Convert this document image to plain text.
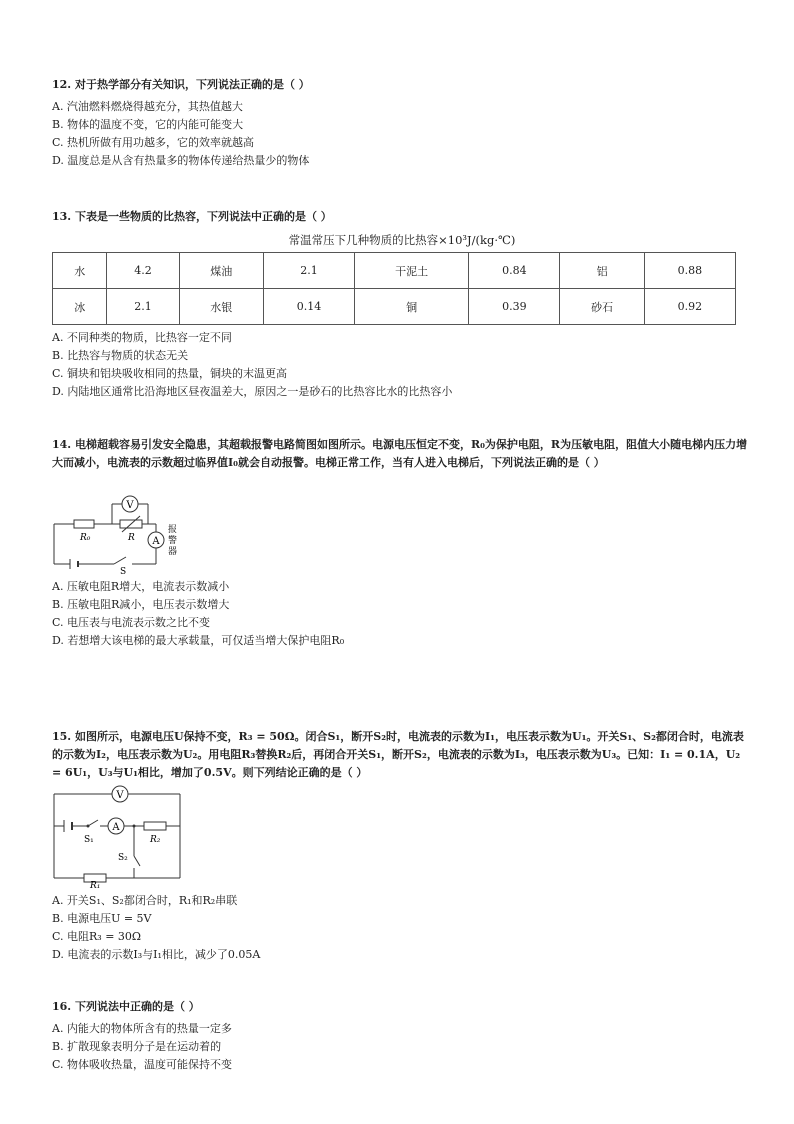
12. 对于热学部分有关知识，下列说法正确的是（ ）

A. 汽油燃料燃烧得越充分，其热值越大

B. 物体的温度不变，它的内能可能变大

C. 热机所做有用功越多，它的效率就越高

D. 温度总是从含有热量多的物体传递给热量少的物体

13. 下表是一些物质的比热容，下列说法中正确的是（ ）

常温常压下几种物质的比热容×10³J/(kg·℃)
水	4.2	煤油	2.1	干泥土	0.84	铝	0.88
冰	2.1	水银	0.14	铜	0.39	砂石	0.92

A. 不同种类的物质，比热容一定不同

B. 比热容与物质的状态无关

C. 铜块和铝块吸收相同的热量，铜块的末温更高

D. 内陆地区通常比沿海地区昼夜温差大，原因之一是砂石的比热容比水的比热容小

14. 电梯超载容易引发安全隐患，其超载报警电路简图如图所示。电源电压恒定不变，R₀为保护电阻，R为压敏电阻，阻值大小随电梯内压力增大而减小，电流表的示数超过临界值I₀就会自动报警。电梯正常工作，当有人进入电梯后，下列说法正确的是（ ）

V
A
R₀	R
S
报
警
器

A. 压敏电阻R增大，电流表示数减小

B. 压敏电阻R减小，电压表示数增大

C. 电压表与电流表示数之比不变

D. 若想增大该电梯的最大承载量，可仅适当增大保护电阻R₀

15. 如图所示，电源电压U保持不变，R₃ = 50Ω。闭合S₁，断开S₂时，电流表的示数为I₁，电压表示数为U₁。开关S₁、S₂都闭合时，电流表的示数为I₂，电压表示数为U₂。用电阻R₃替换R₂后，再闭合开关S₁，断开S₂，电流表的示数为I₃，电压表示数为U₃。已知：I₁ = 0.1A，U₂ = 6U₁，U₃与U₁相比，增加了0.5V。则下列结论正确的是（ ）

V
A
S₁
S₂
R₂
R₁

A. 开关S₁、S₂都闭合时，R₁和R₂串联

B. 电源电压U = 5V

C. 电阻R₃ = 30Ω

D. 电流表的示数I₃与I₁相比，减少了0.05A

16. 下列说法中正确的是（ ）

A. 内能大的物体所含有的热量一定多

B. 扩散现象表明分子是在运动着的

C. 物体吸收热量，温度可能保持不变
